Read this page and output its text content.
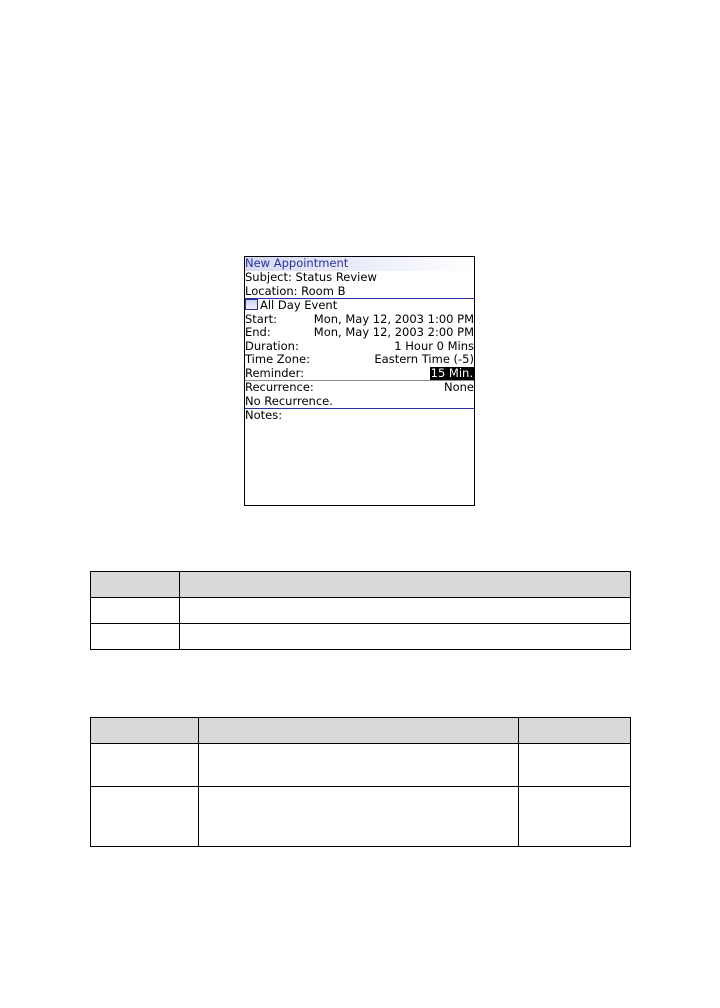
New Appointment
Subject: Status Review
Location: Room B
All Day Event
Start:	Mon, May 12, 2003 1:00 PM
End:	Mon, May 12, 2003 2:00 PM
Duration:	1 Hour 0 Mins
Time Zone:	Eastern Time (-5)
Reminder:	15 Min.
Recurrence:	None
No Recurrence.
Notes:
